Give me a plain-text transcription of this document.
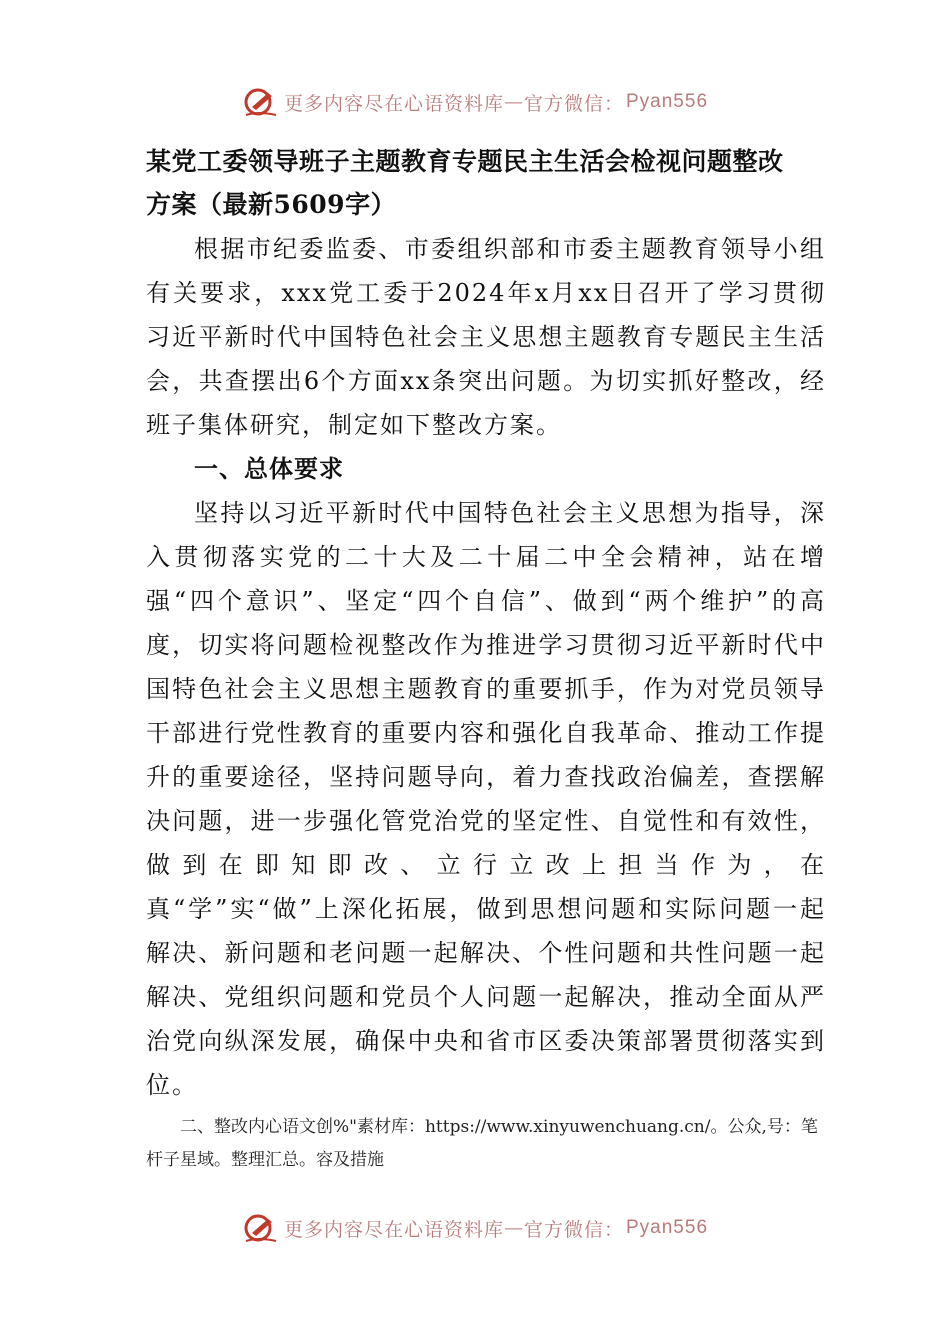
更多内容尽在心语资料库 — 官方微信： Pyan556
某党工委领导班子主题教育专题民主生活会检视问题整改
方案（最新5609字）

根据市纪委监委、市委组织部和市委主题教育领导小组有关要求，xxx党工委于2024年x月xx日召开了学习贯彻习近平新时代中国特色社会主义思想主题教育专题民主生活会，共查摆出6个方面xx条突出问题。为切实抓好整改，经班子集体研究，制定如下整改方案。

一、总体要求

坚持以习近平新时代中国特色社会主义思想为指导，深入贯彻落实党的二十大及二十届二中全会精神，站在增强“四个意识”、坚定“四个自信”、做到“两个维护”的高度，切实将问题检视整改作为推进学习贯彻习近平新时代中国特色社会主义思想主题教育的重要抓手，作为对党员领导干部进行党性教育的重要内容和强化自我革命、推动工作提升的重要途径，坚持问题导向，着力查找政治偏差，查摆解决问题，进一步强化管党治党的坚定性、自觉性和有效性，做到在即知即改、立行立改上担当作为，在真“学”实“做”上深化拓展，做到思想问题和实际问题一起解决、新问题和老问题一起解决、个性问题和共性问题一起解决、党组织问题和党员个人问题一起解决，推动全面从严治党向纵深发展，确保中央和省市区委决策部署贯彻落实到位。

二、整改内心语文创%"素材库：https://www.xinyuwenchuang.cn/。公众,号：笔杆子星域。整理汇总。容及措施

更多内容尽在心语资料库 — 官方微信： Pyan556
